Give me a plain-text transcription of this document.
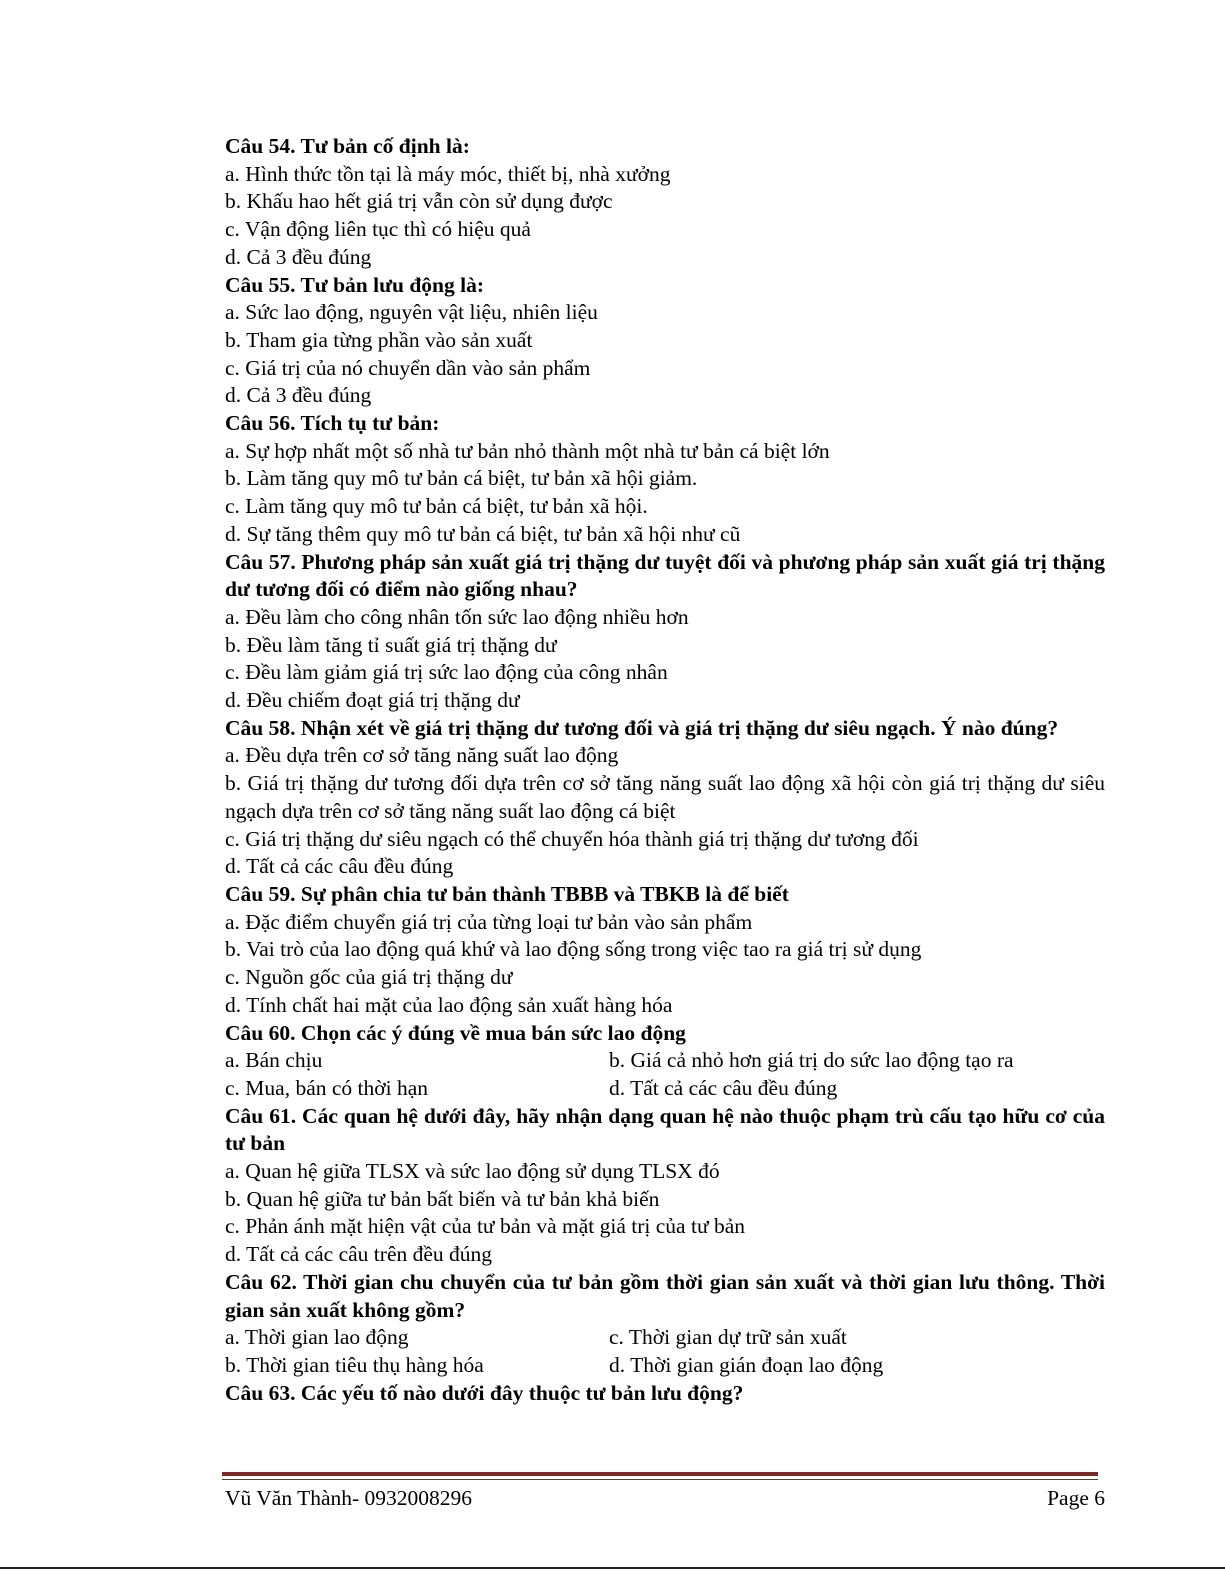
Câu 54. Tư bản cố định là:

a. Hình thức tồn tại là máy móc, thiết bị, nhà xưởng

b. Khấu hao hết giá trị vẫn còn sử dụng được

c. Vận động liên tục thì có hiệu quả

d. Cả 3 đều đúng

Câu 55. Tư bản lưu động là:

a. Sức lao động, nguyên vật liệu, nhiên liệu

b. Tham gia từng phần vào sản xuất

c. Giá trị của nó chuyển dần vào sản phẩm

d. Cả 3 đều đúng

Câu 56. Tích tụ tư bản:

a. Sự hợp nhất một số nhà tư bản nhỏ thành một nhà tư bản cá biệt lớn

b. Làm tăng quy mô tư bản cá biệt, tư bản xã hội giảm.

c. Làm tăng quy mô tư bản cá biệt, tư bản xã hội.

d. Sự tăng thêm quy mô tư bản cá biệt, tư bản xã hội như cũ

Câu 57. Phương pháp sản xuất giá trị thặng dư tuyệt đối và phương pháp sản xuất giá trị thặng dư tương đối có điểm nào giống nhau?

a. Đều làm cho công nhân tốn sức lao động nhiều hơn

b. Đều làm tăng tỉ suất giá trị thặng dư

c. Đều làm giảm giá trị sức lao động của công nhân

d. Đều chiếm đoạt giá trị thặng dư

Câu 58. Nhận xét về giá trị thặng dư tương đối và giá trị thặng dư siêu ngạch. Ý nào đúng?

a. Đều dựa trên cơ sở tăng năng suất lao động

b. Giá trị thặng dư tương đối dựa trên cơ sở tăng năng suất lao động xã hội còn giá trị thặng dư siêu ngạch dựa trên cơ sở tăng năng suất lao động cá biệt

c. Giá trị thặng dư siêu ngạch có thể chuyển hóa thành giá trị thặng dư tương đối

d. Tất cả các câu đều đúng

Câu 59. Sự phân chia tư bản thành TBBB và TBKB là để biết

a. Đặc điểm chuyển giá trị của từng loại tư bản vào sản phẩm

b. Vai trò của lao động quá khứ và lao động sống trong việc tao ra giá trị sử dụng

c. Nguồn gốc của giá trị thặng dư

d. Tính chất hai mặt của lao động sản xuất hàng hóa

Câu 60. Chọn các ý đúng về mua bán sức lao động

a. Bán chịu	b. Giá cả nhỏ hơn giá trị do sức lao động tạo ra

c. Mua, bán có thời hạn	d. Tất cả các câu đều đúng

Câu 61. Các quan hệ dưới đây, hãy nhận dạng quan hệ nào thuộc phạm trù cấu tạo hữu cơ của tư bản

a. Quan hệ giữa TLSX và sức lao động sử dụng TLSX đó

b. Quan hệ giữa tư bản bất biến và tư bản khả biến

c. Phản ánh mặt hiện vật của tư bản và mặt giá trị của tư bản

d. Tất cả các câu trên đều đúng

Câu 62. Thời gian chu chuyển của tư bản gồm thời gian sản xuất và thời gian lưu thông. Thời gian sản xuất không gồm?

a. Thời gian lao động	c. Thời gian dự trữ sản xuất

b. Thời gian tiêu thụ hàng hóa	d. Thời gian gián đoạn lao động

Câu 63. Các yếu tố nào dưới đây thuộc tư bản lưu động?

Vũ Văn Thành- 0932008296	Page 6
